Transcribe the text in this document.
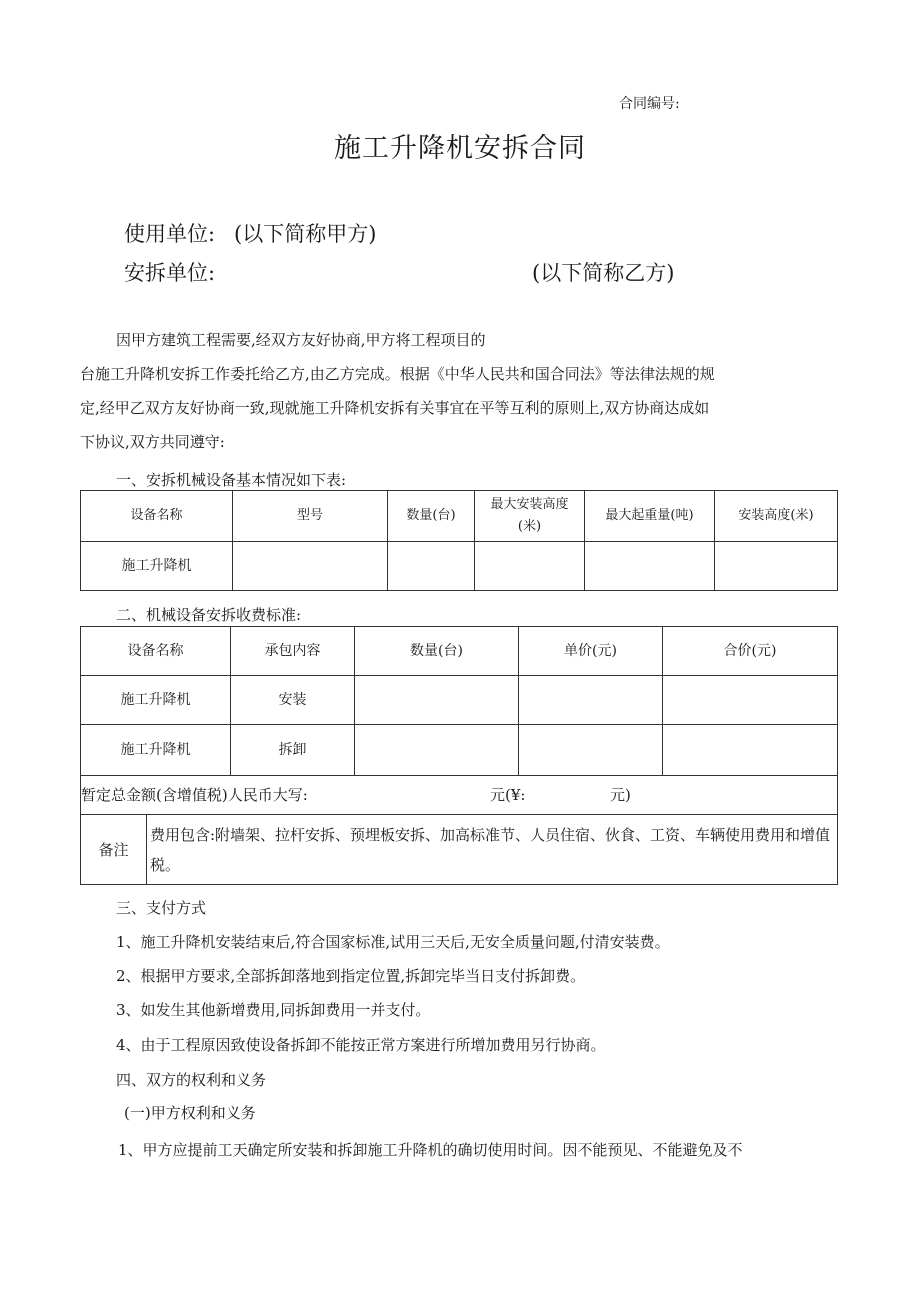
合同编号:
施工升降机安拆合同
使用单位: (以下简称甲方)
安拆单位:	(以下简称乙方)
因甲方建筑工程需要,经双方友好协商,甲方将工程项目的
台施工升降机安拆工作委托给乙方,由乙方完成。根据《中华人民共和国合同法》等法律法规的规
定,经甲乙双方友好协商一致,现就施工升降机安拆有关事宜在平等互利的原则上,双方协商达成如
下协议,双方共同遵守:
一、安拆机械设备基本情况如下表:
设备名称	型号	数量(台)	最大安装高度(米)	最大起重量(吨)	安装高度(米)
施工升降机					
二、机械设备安拆收费标准:
设备名称		承包内容	数量(台)	单价(元)	合价(元)
施工升降机		安装			
施工升降机		拆卸			

暂定总金额(含增值税)人民币大写: 元(¥: 元)					

备注	费用包含:附墙架、拉杆安拆、预埋板安拆、加高标准节、人员住宿、伙食、工资、车辆使用费用和增值税。				
三、支付方式
1、施工升降机安装结束后,符合国家标准,试用三天后,无安全质量问题,付清安装费。
2、根据甲方要求,全部拆卸落地到指定位置,拆卸完毕当日支付拆卸费。
3、如发生其他新增费用,同拆卸费用一并支付。
4、由于工程原因致使设备拆卸不能按正常方案进行所增加费用另行协商。
四、双方的权利和义务
(一)甲方权利和义务
1、甲方应提前工天确定所安装和拆卸施工升降机的确切使用时间。因不能预见、不能避免及不
